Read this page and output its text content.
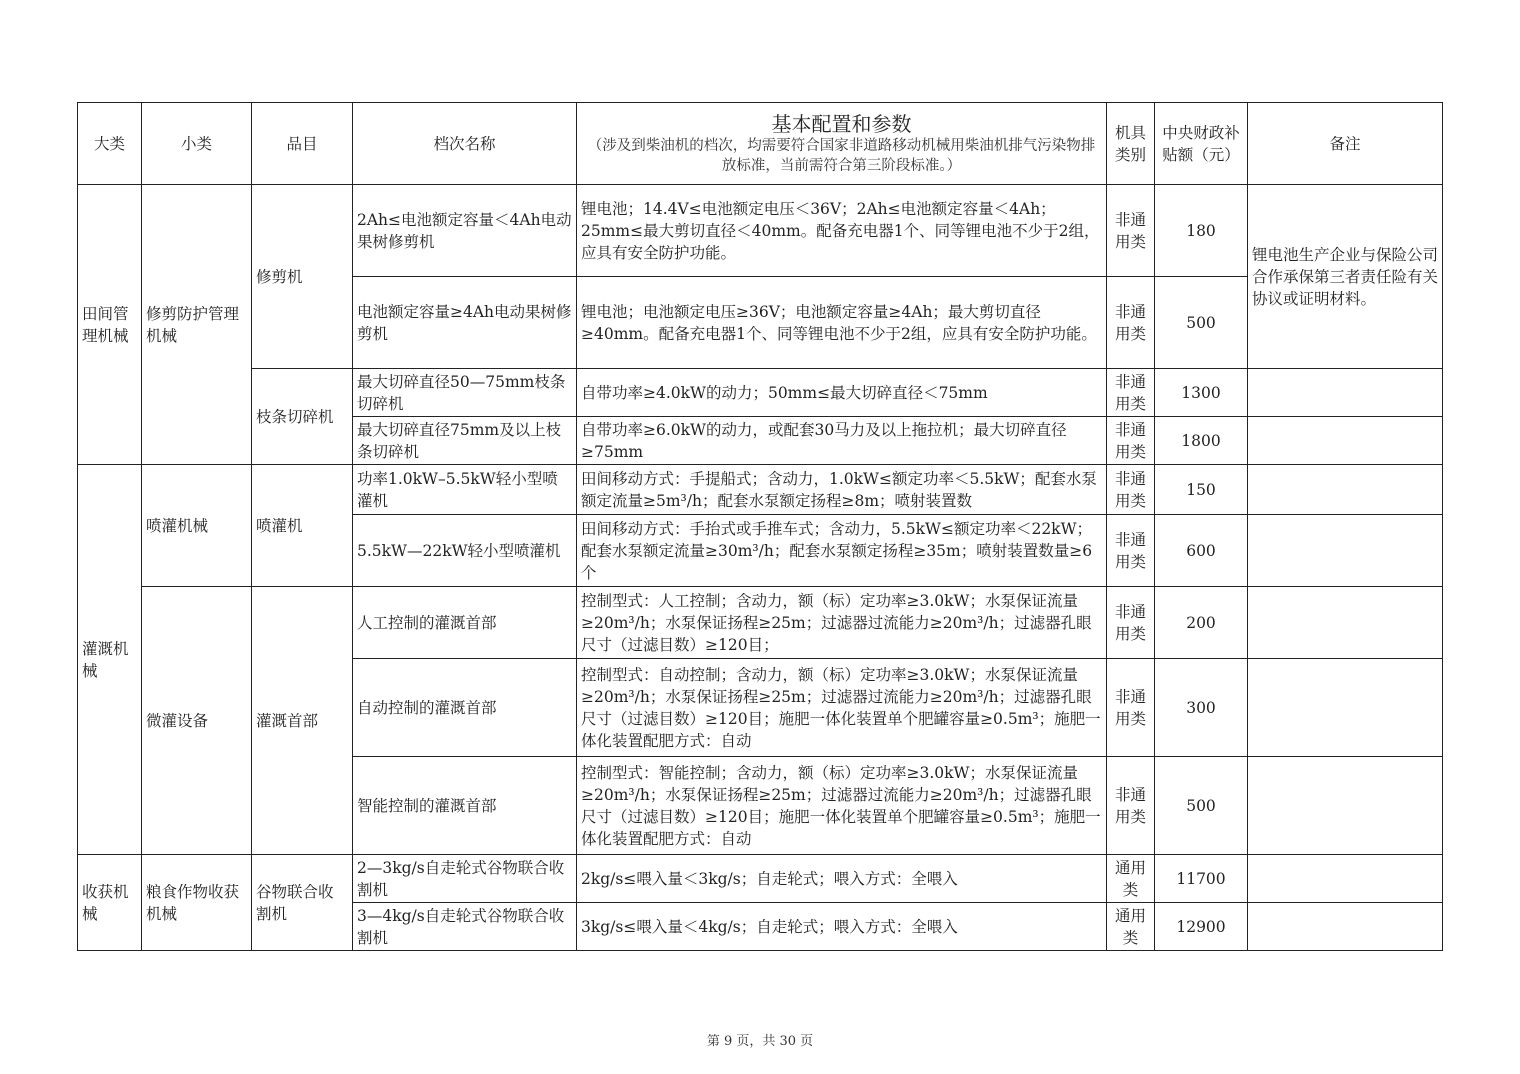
大类	小类	品目	档次名称	基本配置和参数
（涉及到柴油机的档次，均需要符合国家非道路移动机械用柴油机排气污染物排放标准，当前需符合第三阶段标准。）	机具类别	中央财政补贴额（元）	备注
田间管理机械	修剪防护管理机械	修剪机	2Ah≤电池额定容量＜4Ah电动果树修剪机	锂电池；14.4V≤电池额定电压＜36V；2Ah≤电池额定容量＜4Ah；25mm≤最大剪切直径＜40mm。配备充电器1个、同等锂电池不少于2组，应具有安全防护功能。	非通用类	180	锂电池生产企业与保险公司合作承保第三者责任险有关协议或证明材料。
			电池额定容量≥4Ah电动果树修剪机	锂电池；电池额定电压≥36V；电池额定容量≥4Ah；最大剪切直径≥40mm。配备充电器1个、同等锂电池不少于2组，应具有安全防护功能。	非通用类	500	
		枝条切碎机	最大切碎直径50—75mm枝条切碎机	自带功率≥4.0kW的动力；50mm≤最大切碎直径＜75mm	非通用类	1300	
			最大切碎直径75mm及以上枝条切碎机	自带功率≥6.0kW的动力，或配套30马力及以上拖拉机；最大切碎直径≥75mm	非通用类	1800	
灌溉机械	喷灌机械	喷灌机	功率1.0kW–5.5kW轻小型喷灌机	田间移动方式：手提船式；含动力，1.0kW≤额定功率＜5.5kW；配套水泵额定流量≥5m³/h；配套水泵额定扬程≥8m；喷射装置数	非通用类	150	
			5.5kW—22kW轻小型喷灌机	田间移动方式：手抬式或手推车式；含动力，5.5kW≤额定功率＜22kW；配套水泵额定流量≥30m³/h；配套水泵额定扬程≥35m；喷射装置数量≥6个	非通用类	600	
	微灌设备	灌溉首部	人工控制的灌溉首部	控制型式：人工控制；含动力，额（标）定功率≥3.0kW；水泵保证流量≥20m³/h；水泵保证扬程≥25m；过滤器过流能力≥20m³/h；过滤器孔眼尺寸（过滤目数）≥120目；	非通用类	200	
			自动控制的灌溉首部	控制型式：自动控制；含动力，额（标）定功率≥3.0kW；水泵保证流量≥20m³/h；水泵保证扬程≥25m；过滤器过流能力≥20m³/h；过滤器孔眼尺寸（过滤目数）≥120目；施肥一体化装置单个肥罐容量≥0.5m³；施肥一体化装置配肥方式：自动	非通用类	300	
			智能控制的灌溉首部	控制型式：智能控制；含动力，额（标）定功率≥3.0kW；水泵保证流量≥20m³/h；水泵保证扬程≥25m；过滤器过流能力≥20m³/h；过滤器孔眼尺寸（过滤目数）≥120目；施肥一体化装置单个肥罐容量≥0.5m³；施肥一体化装置配肥方式：自动	非通用类	500	
收获机械	粮食作物收获机械	谷物联合收割机	2—3kg/s自走轮式谷物联合收割机	2kg/s≤喂入量＜3kg/s；自走轮式；喂入方式：全喂入	通用类	11700	
			3—4kg/s自走轮式谷物联合收割机	3kg/s≤喂入量＜4kg/s；自走轮式；喂入方式：全喂入	通用类	12900	
第 9 页，共 30 页
